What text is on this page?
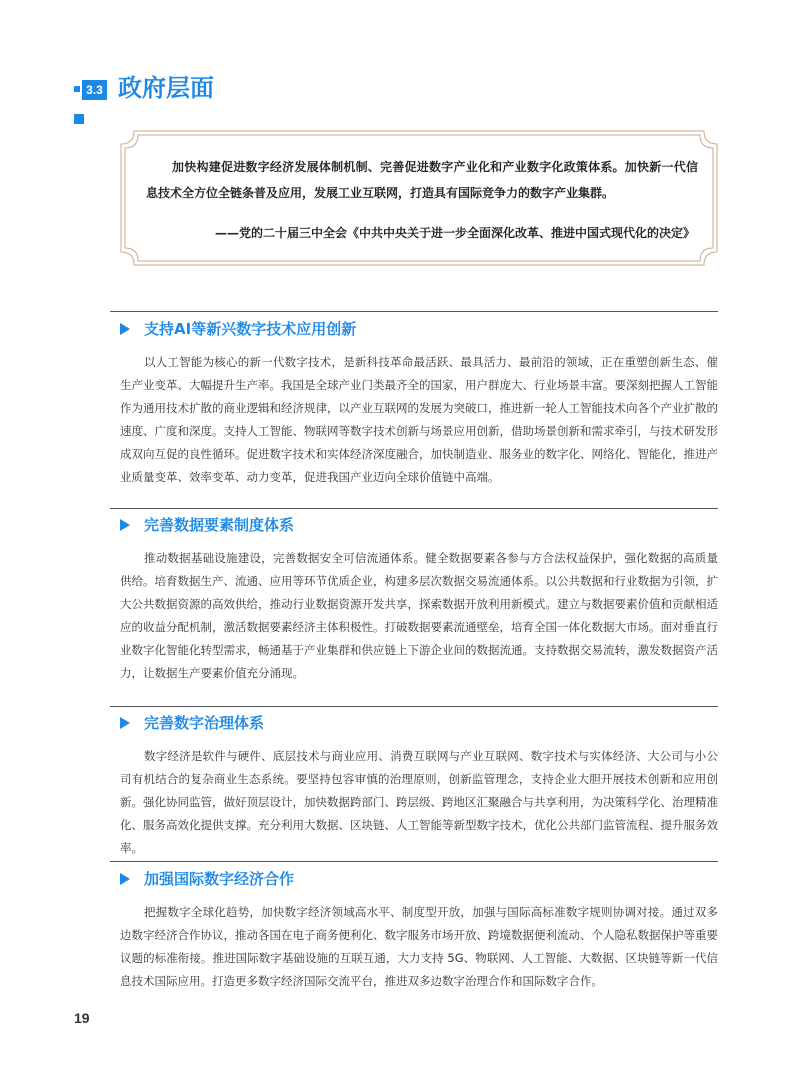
3.3 政府层面
加快构建促进数字经济发展体制机制、完善促进数字产业化和产业数字化政策体系。加快新一代信息技术全方位全链条普及应用，发展工业互联网，打造具有国际竞争力的数字产业集群。
——党的二十届三中全会《中共中央关于进一步全面深化改革、推进中国式现代化的决定》
支持AI等新兴数字技术应用创新
以人工智能为核心的新一代数字技术，是新科技革命最活跃、最具活力、最前沿的领域，正在重塑创新生态、催生产业变革、大幅提升生产率。我国是全球产业门类最齐全的国家，用户群庞大、行业场景丰富。要深刻把握人工智能作为通用技术扩散的商业逻辑和经济规律，以产业互联网的发展为突破口，推进新一轮人工智能技术向各个产业扩散的速度、广度和深度。支持人工智能、物联网等数字技术创新与场景应用创新，借助场景创新和需求牵引，与技术研发形成双向互促的良性循环。促进数字技术和实体经济深度融合，加快制造业、服务业的数字化、网络化、智能化，推进产业质量变革、效率变革、动力变革，促进我国产业迈向全球价值链中高端。
完善数据要素制度体系
推动数据基础设施建设，完善数据安全可信流通体系。健全数据要素各参与方合法权益保护，强化数据的高质量供给。培育数据生产、流通、应用等环节优质企业，构建多层次数据交易流通体系。以公共数据和行业数据为引领，扩大公共数据资源的高效供给，推动行业数据资源开发共享，探索数据开放利用新模式。建立与数据要素价值和贡献相适应的收益分配机制，激活数据要素经济主体积极性。打破数据要素流通壁垒，培育全国一体化数据大市场。面对垂直行业数字化智能化转型需求，畅通基于产业集群和供应链上下游企业间的数据流通。支持数据交易流转，激发数据资产活力，让数据生产要素价值充分涌现。
完善数字治理体系
数字经济是软件与硬件、底层技术与商业应用、消费互联网与产业互联网、数字技术与实体经济、大公司与小公司有机结合的复杂商业生态系统。要坚持包容审慎的治理原则，创新监管理念，支持企业大胆开展技术创新和应用创新。强化协同监管，做好顶层设计，加快数据跨部门、跨层级、跨地区汇聚融合与共享利用，为决策科学化、治理精准化、服务高效化提供支撑。充分利用大数据、区块链、人工智能等新型数字技术，优化公共部门监管流程、提升服务效率。
加强国际数字经济合作
把握数字全球化趋势，加快数字经济领域高水平、制度型开放，加强与国际高标准数字规则协调对接。通过双多边数字经济合作协议，推动各国在电子商务便利化、数字服务市场开放、跨境数据便利流动、个人隐私数据保护等重要议题的标准衔接。推进国际数字基础设施的互联互通，大力支持 5G、物联网、人工智能、大数据、区块链等新一代信息技术国际应用。打造更多数字经济国际交流平台，推进双多边数字治理合作和国际数字合作。
19
